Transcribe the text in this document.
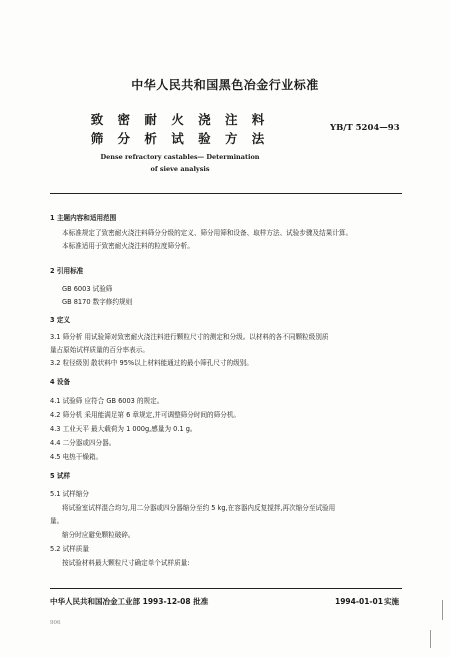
中华人民共和国黑色冶金行业标准
致 密 耐 火 浇 注 料
筛 分 析 试 验 方 法
YB/T 5204—93
Dense refractory castables— Determination
of sieve analysis
1 主题内容和适用范围
本标准规定了致密耐火浇注料筛分分级的定义、筛分用筛和设备、取样方法、试验步骤及结果计算。
本标准适用于致密耐火浇注料的粒度筛分析。
2 引用标准
GB 6003 试验筛
GB 8170 数字修约规则
3 定义
3.1 筛分析 用试验筛对致密耐火浇注料进行颗粒尺寸的测定和分级。以材料的各不同颗粒级别质
量占原始试样质量的百分率表示。
3.2 粒径级别 散状料中 95%以上材料能通过的最小筛孔尺寸的级别。
4 设备
4.1 试验筛 应符合 GB 6003 的规定。
4.2 筛分机 采用能满足第 6 章规定,并可调整筛分时间的筛分机。
4.3 工业天平 最大载荷为 1 000g,感量为 0.1 g。
4.4 二分器或四分器。
4.5 电热干燥箱。
5 试样
5.1 试样缩分
将试验室试样混合均匀,用二分器或四分器缩分至约 5 kg,在容器内反复搅拌,再次缩分至试验用
量。
缩分时应避免颗粒破碎。
5.2 试样质量
按试验材料最大颗粒尺寸确定单个试样质量:
中华人民共和国冶金工业部 1993-12-08 批准	1994-01-01实施
906
